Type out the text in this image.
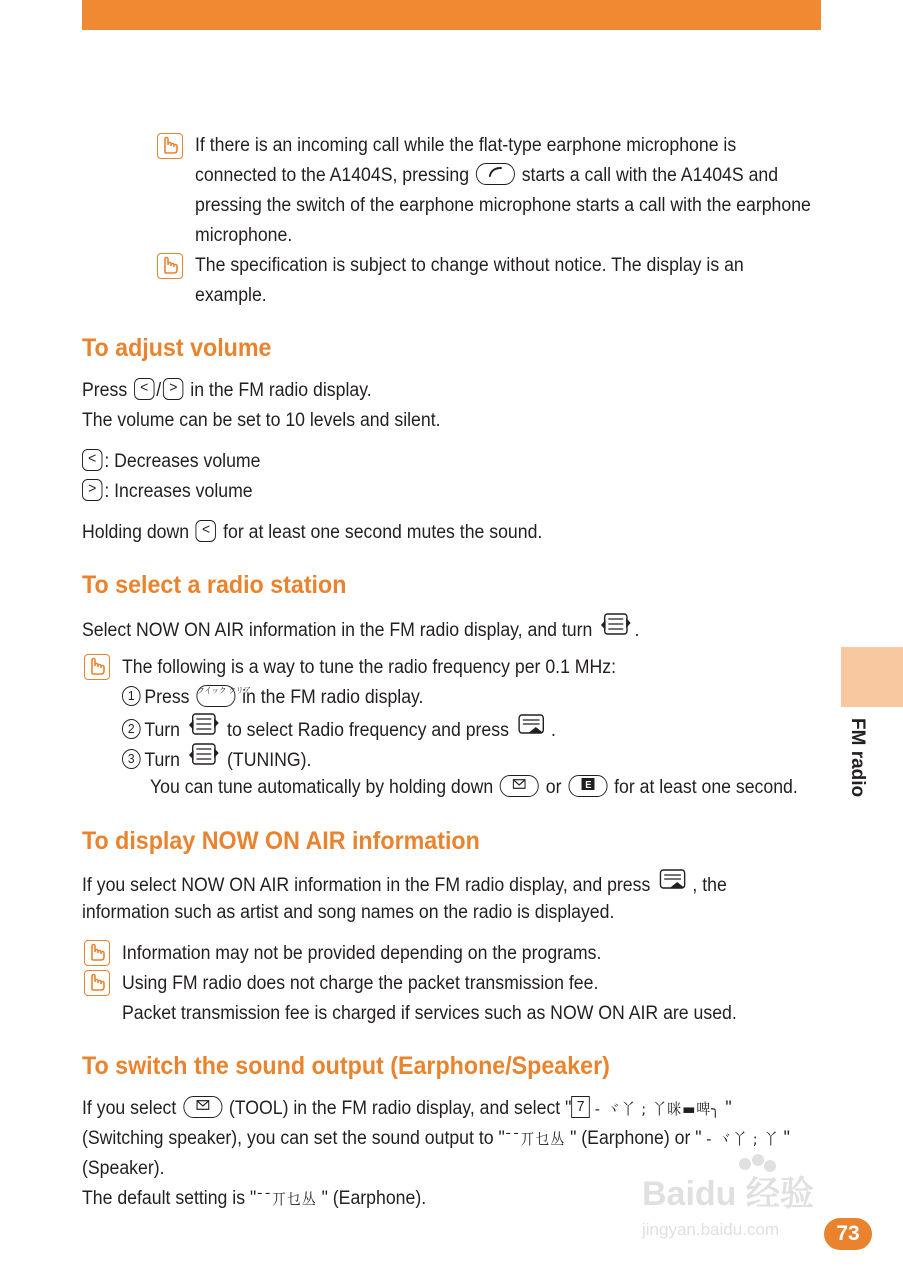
FM radio
If there is an incoming call while the flat-type earphone microphone is
connected to the A1404S, pressing	starts a call with the A1404S and
pressing the switch of the earphone microphone starts a call with the earphone
microphone.
The specification is subject to change without notice. The display is an
example.
To adjust volume
Press < / > in the FM radio display.
The volume can be set to 10 levels and silent.
< : Decreases volume
> : Increases volume
Holding down < for at least one second mutes the sound.
To select a radio station
Select NOW ON AIR information in the FM radio display, and turn .
The following is a way to tune the radio frequency per 0.1 MHz:
1 Press クイック クリア in the FM radio display.
2 Turn to select Radio frequency and press .
3 Turn (TUNING).
You can tune automatically by holding down	or E for at least one second.
To display NOW ON AIR information
If you select NOW ON AIR information in the FM radio display, and press , the
information such as artist and song names on the radio is displayed.
Information may not be provided depending on the programs.
Using FM radio does not charge the packet transmission fee.
Packet transmission fee is charged if services such as NOW ON AIR are used.
To switch the sound output (Earphone/Speaker)
If you select	(TOOL) in the FM radio display, and select " 7 - ヾ丫 ; 丫咪▬啤╮ "
(Switching speaker), you can set the sound output to "¯¯丌乜丛 " (Earphone) or " - ヾ丫 ; 丫 "
(Speaker).
The default setting is "¯¯丌乜丛 " (Earphone).	Baidu 经验
jingyan.baidu.com	73
